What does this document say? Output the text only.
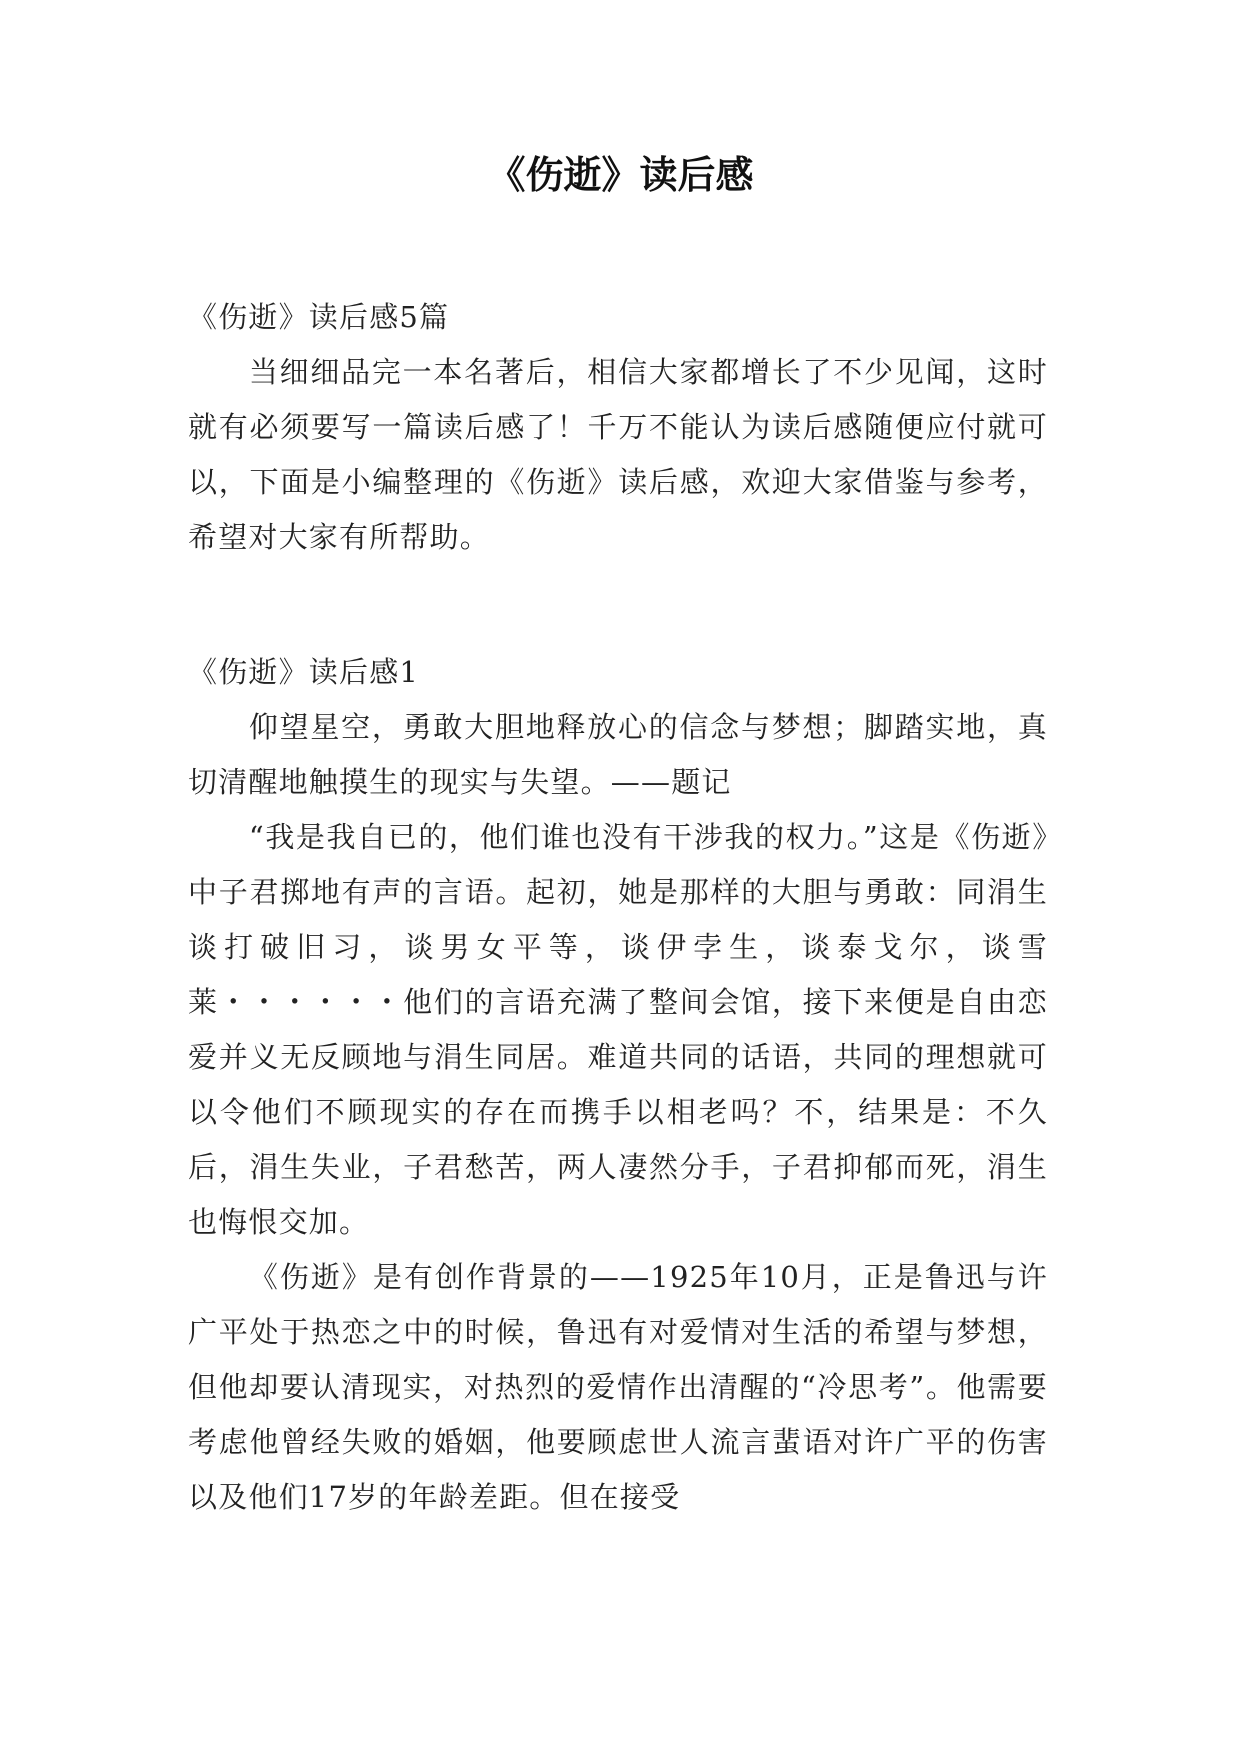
《伤逝》读后感

《伤逝》读后感5篇

当细细品完一本名著后，相信大家都增长了不少见闻，这时就有必须要写一篇读后感了！千万不能认为读后感随便应付就可以，下面是小编整理的《伤逝》读后感，欢迎大家借鉴与参考，希望对大家有所帮助。

《伤逝》读后感1

仰望星空，勇敢大胆地释放心的信念与梦想；脚踏实地，真切清醒地触摸生的现实与失望。——题记

“我是我自已的，他们谁也没有干涉我的权力。”这是《伤逝》中子君掷地有声的言语。起初，她是那样的大胆与勇敢：同涓生谈打破旧习，谈男女平等，谈伊孛生，谈泰戈尔，谈雪莱・・・・・・他们的言语充满了整间会馆，接下来便是自由恋爱并义无反顾地与涓生同居。难道共同的话语，共同的理想就可以令他们不顾现实的存在而携手以相老吗？不，结果是：不久后，涓生失业，子君愁苦，两人凄然分手，子君抑郁而死，涓生也悔恨交加。

《伤逝》是有创作背景的——1925年10月，正是鲁迅与许广平处于热恋之中的时候，鲁迅有对爱情对生活的希望与梦想，但他却要认清现实，对热烈的爱情作出清醒的“冷思考”。他需要考虑他曾经失败的婚姻，他要顾虑世人流言蜚语对许广平的伤害以及他们17岁的年龄差距。但在接受
